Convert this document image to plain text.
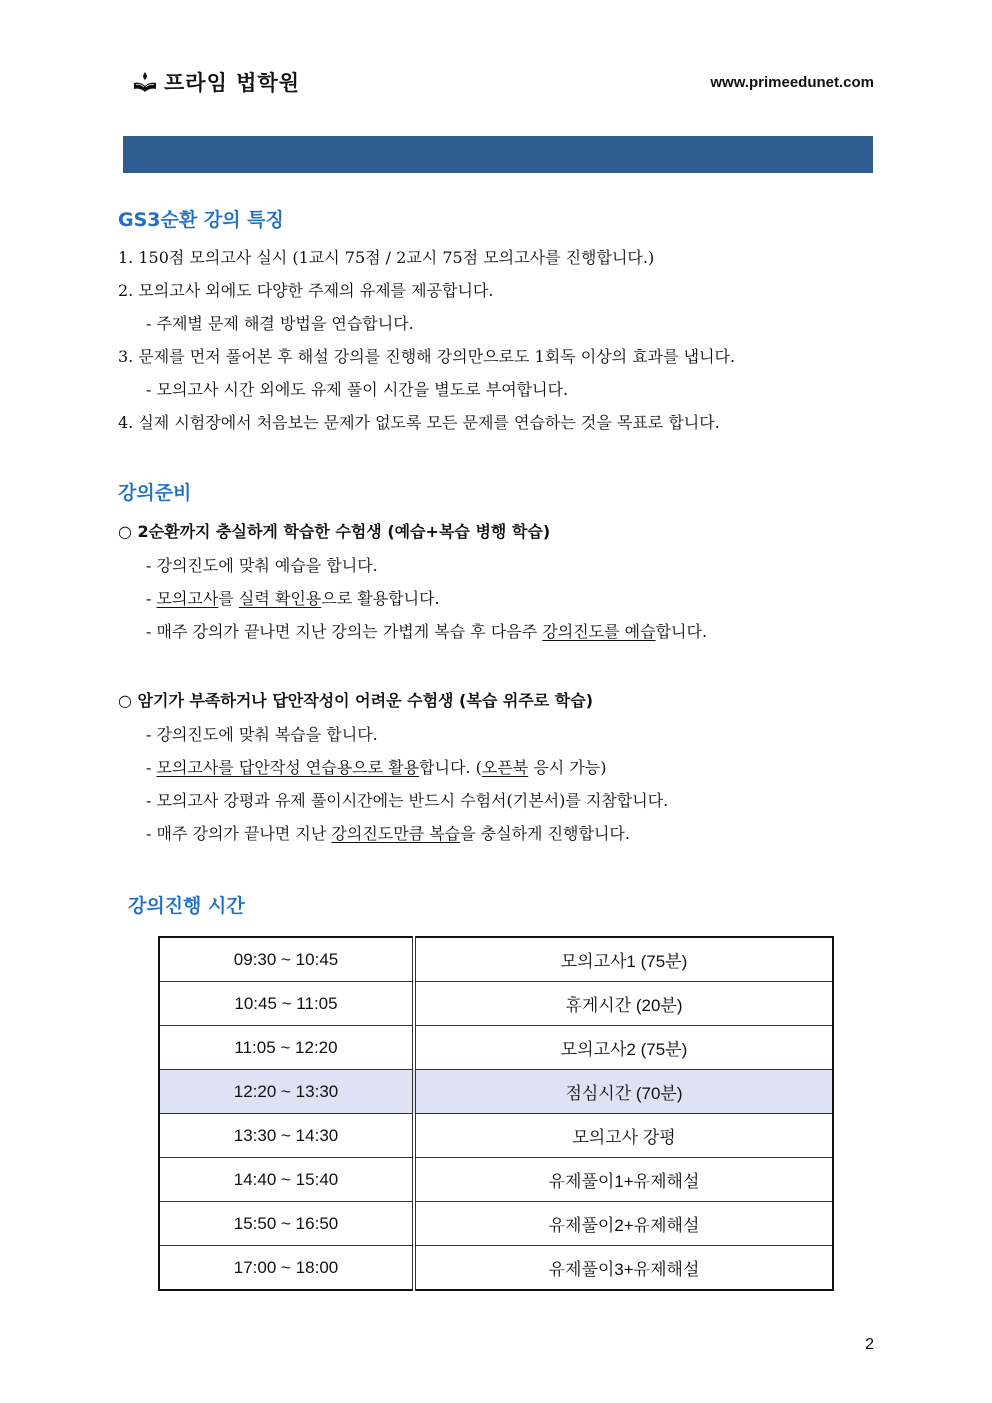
프라임 법학원	www.primeedunet.com
GS3순환 강의 특징
1. 150점 모의고사 실시 (1교시 75점 / 2교시 75점 모의고사를 진행합니다.)
2. 모의고사 외에도 다양한 주제의 유제를 제공합니다.
- 주제별 문제 해결 방법을 연습합니다.
3. 문제를 먼저 풀어본 후 해설 강의를 진행해 강의만으로도 1회독 이상의 효과를 냅니다.
- 모의고사 시간 외에도 유제 풀이 시간을 별도로 부여합니다.
4. 실제 시험장에서 처음보는 문제가 없도록 모든 문제를 연습하는 것을 목표로 합니다.
강의준비
○ 2순환까지 충실하게 학습한 수험생 (예습+복습 병행 학습)
- 강의진도에 맞춰 예습을 합니다.
- 모의고사를 실력 확인용으로 활용합니다.
- 매주 강의가 끝나면 지난 강의는 가볍게 복습 후 다음주 강의진도를 예습합니다.
○ 암기가 부족하거나 답안작성이 어려운 수험생 (복습 위주로 학습)
- 강의진도에 맞춰 복습을 합니다.
- 모의고사를 답안작성 연습용으로 활용합니다. (오픈북 응시 가능)
- 모의고사 강평과 유제 풀이시간에는 반드시 수험서(기본서)를 지참합니다.
- 매주 강의가 끝나면 지난 강의진도만큼 복습을 충실하게 진행합니다.
강의진행 시간
09:30 ~ 10:45	모의고사1 (75분)
10:45 ~ 11:05	휴게시간 (20분)
11:05 ~ 12:20	모의고사2 (75분)
12:20 ~ 13:30	점심시간 (70분)
13:30 ~ 14:30	모의고사 강평
14:40 ~ 15:40	유제풀이1+유제해설
15:50 ~ 16:50	유제풀이2+유제해설
17:00 ~ 18:00	유제풀이3+유제해설
2
